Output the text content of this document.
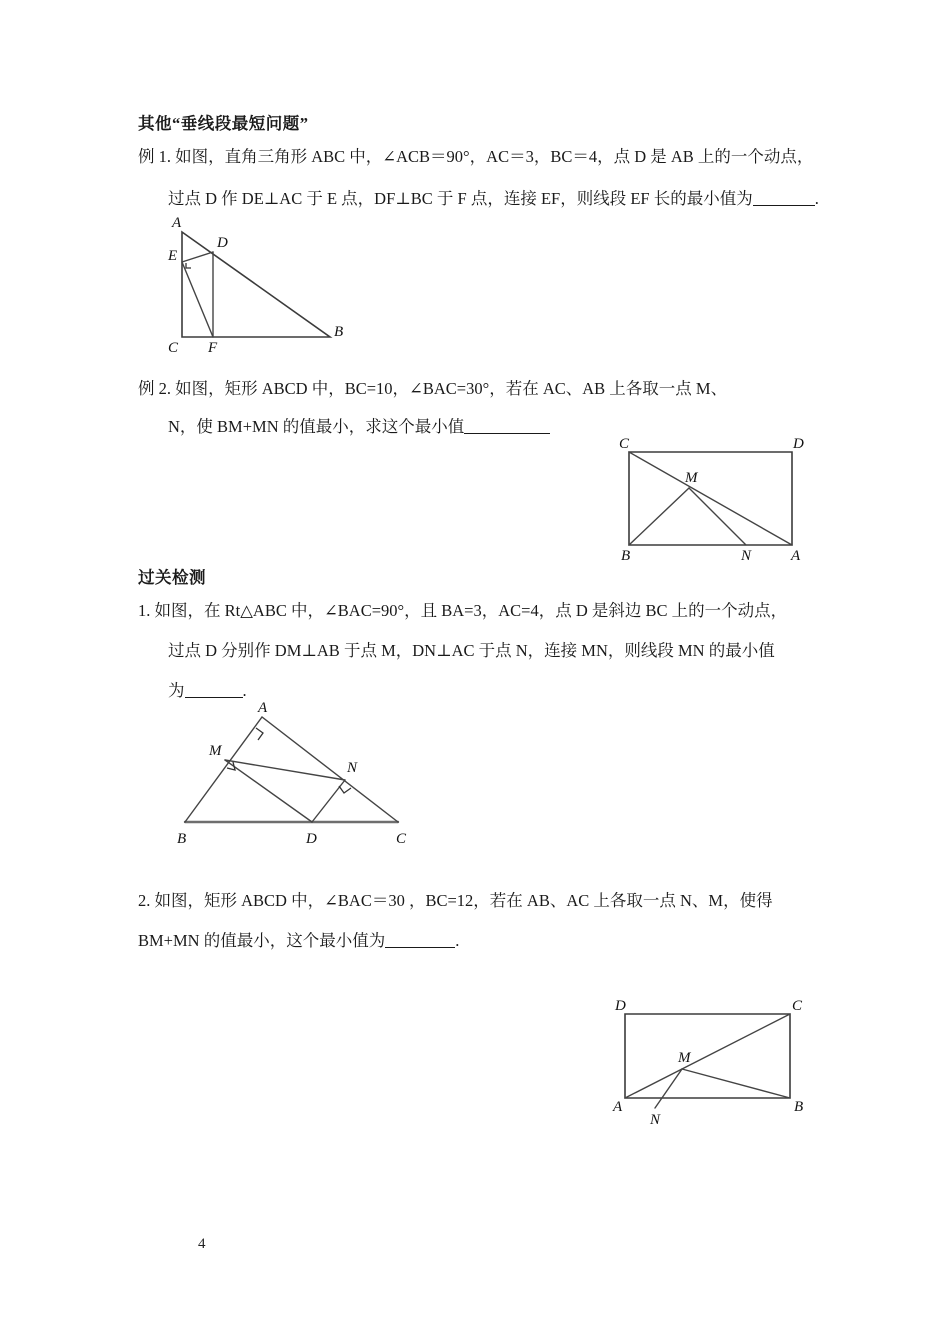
其他“垂线段最短问题”
例 1. 如图，直角三角形 ABC 中，∠ACB＝90°，AC＝3，BC＝4，点 D 是 AB 上的一个动点，
过点 D 作 DE⊥AC 于 E 点，DF⊥BC 于 F 点，连接 EF，则线段 EF 长的最小值为	.
A
E
C
D
F
B
例 2. 如图，矩形 ABCD 中，BC=10，∠BAC=30°，若在 AC、AB 上各取一点 M、
N，使 BM+MN 的值最小，求这个最小值
C	D
B	A
M
N
过关检测
1. 如图，在 Rt△ABC 中，∠BAC=90°，且 BA=3，AC=4，点 D 是斜边 BC 上的一个动点，
过点 D 分别作 DM⊥AB 于点 M，DN⊥AC 于点 N，连接 MN，则线段 MN 的最小值
为	.
A
M
N
B	D	C
2. 如图，矩形 ABCD 中，∠BAC＝30 ，BC=12，若在 AB、AC 上各取一点 N、M，使得
BM+MN 的值最小，这个最小值为	.
D	C
A	B
M
N
4
